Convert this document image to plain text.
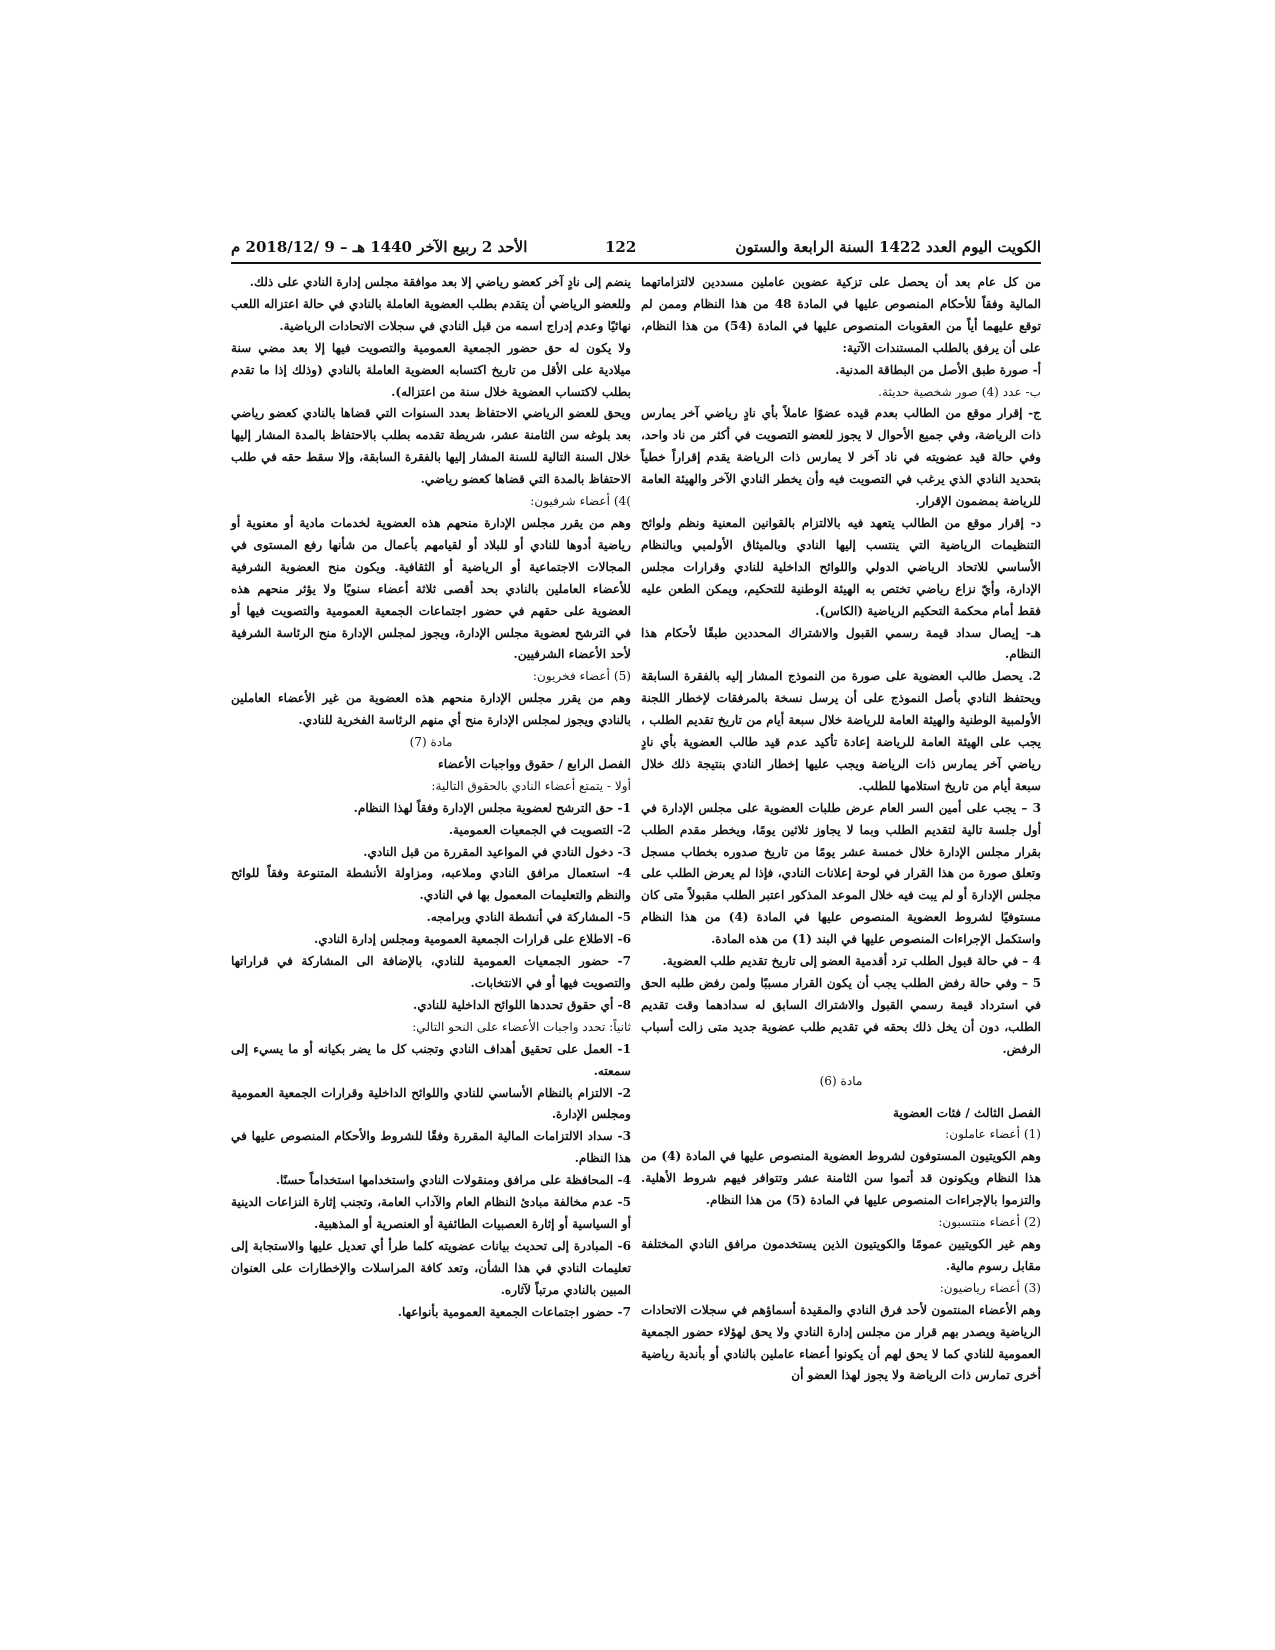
الكويت اليوم العدد 1422 السنة الرابعة والستون
122
الأحد 2 ربيع الآخر 1440 هـ – 9 /2018/12 م

من كل عام بعد أن يحصل على تزكية عضوين عاملين مسددين لالتزاماتهما المالية وفقاً للأحكام المنصوص عليها في المادة 48 من هذا النظام وممن لم توقع عليهما أياً من العقوبات المنصوص عليها في المادة (54) من هذا النظام، على أن يرفق بالطلب المستندات الآتية:

أ- صورة طبق الأصل من البطاقة المدنية.

ب- عدد (4) صور شخصية حديثة.

ج- إقرار موقع من الطالب بعدم قيده عضوًا عاملاً بأي نادٍ رياضي آخر يمارس ذات الرياضة، وفي جميع الأحوال لا يجوز للعضو التصويت في أكثر من ناد واحد، وفي حالة قيد عضويته في ناد آخر لا يمارس ذات الرياضة يقدم إقراراً خطياً بتحديد النادي الذي يرغب في التصويت فيه وأن يخطر النادي الآخر والهيئة العامة للرياضة بمضمون الإقرار.

د- إقرار موقع من الطالب يتعهد فيه بالالتزام بالقوانين المعنية ونظم ولوائح التنظيمات الرياضية التي ينتسب إليها النادي وبالميثاق الأولمبي وبالنظام الأساسي للاتحاد الرياضي الدولي واللوائح الداخلية للنادي وقرارات مجلس الإدارة، وأيّ نزاع رياضي تختص به الهيئة الوطنية للتحكيم، ويمكن الطعن عليه فقط أمام محكمة التحكيم الرياضية (الكاس).

هـ- إيصال سداد قيمة رسمي القبول والاشتراك المحددين طبقًا لأحكام هذا النظام.

2. يحصل طالب العضوية على صورة من النموذج المشار إليه بالفقرة السابقة ويحتفظ النادي بأصل النموذج على أن يرسل نسخة بالمرفقات لإخطار اللجنة الأولمبية الوطنية والهيئة العامة للرياضة خلال سبعة أيام من تاريخ تقديم الطلب ، يجب على الهيئة العامة للرياضة إعادة تأكيد عدم قيد طالب العضوية بأي نادٍ رياضي آخر يمارس ذات الرياضة ويجب عليها إخطار النادي بنتيجة ذلك خلال سبعة أيام من تاريخ استلامها للطلب.

3 – يجب على أمين السر العام عرض طلبات العضوية على مجلس الإدارة في أول جلسة تالية لتقديم الطلب وبما لا يجاوز ثلاثين يومًا، ويخطر مقدم الطلب بقرار مجلس الإدارة خلال خمسة عشر يومًا من تاريخ صدوره بخطاب مسجل وتعلق صورة من هذا القرار في لوحة إعلانات النادي، فإذا لم يعرض الطلب على مجلس الإدارة أو لم يبت فيه خلال الموعد المذكور اعتبر الطلب مقبولاً متى كان مستوفيًا لشروط العضوية المنصوص عليها في المادة (4) من هذا النظام واستكمل الإجراءات المنصوص عليها في البند (1) من هذه المادة.

4 – في حالة قبول الطلب ترد أقدمية العضو إلى تاريخ تقديم طلب العضوية.

5 – وفي حالة رفض الطلب يجب أن يكون القرار مسببًا ولمن رفض طلبه الحق في استرداد قيمة رسمي القبول والاشتراك السابق له سدادهما وقت تقديم الطلب، دون أن يخل ذلك بحقه في تقديم طلب عضوية جديد متى زالت أسباب الرفض.

مادة (6)

الفصل الثالث / فئات العضوية

(1) أعضاء عاملون:

وهم الكويتيون المستوفون لشروط العضوية المنصوص عليها في المادة (4) من هذا النظام ويكونون قد أتموا سن الثامنة عشر وتتوافر فيهم شروط الأهلية. والتزموا بالإجراءات المنصوص عليها في المادة (5) من هذا النظام.

(2) أعضاء منتسبون:

وهم غير الكويتيين عمومًا والكويتيون الذين يستخدمون مرافق النادي المختلفة مقابل رسوم مالية.

(3) أعضاء رياضيون:

وهم الأعضاء المنتمون لأحد فرق النادي والمقيدة أسماؤهم في سجلات الاتحادات الرياضية ويصدر بهم قرار من مجلس إدارة النادي ولا يحق لهؤلاء حضور الجمعية العمومية للنادي كما لا يحق لهم أن يكونوا أعضاء عاملين بالنادي أو بأندية رياضية أخرى تمارس ذات الرياضة ولا يجوز لهذا العضو أن

ينضم إلى نادٍ آخر كعضو رياضي إلا بعد موافقة مجلس إدارة النادي على ذلك.

وللعضو الرياضي أن يتقدم بطلب العضوية العاملة بالنادي في حالة اعتزاله اللعب نهائيًا وعدم إدراج اسمه من قبل النادي في سجلات الاتحادات الرياضية.

ولا يكون له حق حضور الجمعية العمومية والتصويت فيها إلا بعد مضي سنة ميلادية على الأقل من تاريخ اكتسابه العضوية العاملة بالنادي (وذلك إذا ما تقدم بطلب لاكتساب العضوية خلال سنة من اعتزاله).

ويحق للعضو الرياضي الاحتفاظ بعدد السنوات التي قضاها بالنادي كعضو رياضي بعد بلوغه سن الثامنة عشر، شريطة تقدمه بطلب بالاحتفاظ بالمدة المشار إليها خلال السنة التالية للسنة المشار إليها بالفقرة السابقة، وإلا سقط حقه في طلب الاحتفاظ بالمدة التي قضاها كعضو رياضي.

)4) أعضاء شرفيون:

وهم من يقرر مجلس الإدارة منحهم هذه العضوية لخدمات مادية أو معنوية أو رياضية أدوها للنادي أو للبلاد أو لقيامهم بأعمال من شأنها رفع المستوى في المجالات الاجتماعية أو الرياضية أو الثقافية. ويكون منح العضوية الشرفية للأعضاء العاملين بالنادي بحد أقصى ثلاثة أعضاء سنويًا ولا يؤثر منحهم هذه العضوية على حقهم في حضور اجتماعات الجمعية العمومية والتصويت فيها أو في الترشح لعضوية مجلس الإدارة، ويجوز لمجلس الإدارة منح الرئاسة الشرفية لأحد الأعضاء الشرفيين.

(5) أعضاء فخريون:

وهم من يقرر مجلس الإدارة منحهم هذه العضوية من غير الأعضاء العاملين بالنادي ويجوز لمجلس الإدارة منح أي منهم الرئاسة الفخرية للنادي.

مادة (7)

الفصل الرابع / حقوق وواجبات الأعضاء

أولا - يتمتع أعضاء النادي بالحقوق التالية:

1- حق الترشح لعضوية مجلس الإدارة وفقاً لهذا النظام.

2- التصويت في الجمعيات العمومية.

3- دخول النادي في المواعيد المقررة من قبل النادي.

4- استعمال مرافق النادي وملاعبه، ومزاولة الأنشطة المتنوعة وفقاً للوائح والنظم والتعليمات المعمول بها في النادي.

5- المشاركة في أنشطة النادي وبرامجه.

6- الاطلاع على قرارات الجمعية العمومية ومجلس إدارة النادي.

7- حضور الجمعيات العمومية للنادي، بالإضافة الى المشاركة في قراراتها والتصويت فيها أو في الانتخابات.

8- أي حقوق تحددها اللوائح الداخلية للنادي.

ثانياً: تحدد واجبات الأعضاء على النحو التالي:

1- العمل على تحقيق أهداف النادي وتجنب كل ما يضر بكيانه أو ما يسيء إلى سمعته.

2- الالتزام بالنظام الأساسي للنادي واللوائح الداخلية وقرارات الجمعية العمومية ومجلس الإدارة.

3- سداد الالتزامات المالية المقررة وفقًا للشروط والأحكام المنصوص عليها في هذا النظام.

4- المحافظة على مرافق ومنقولات النادي واستخدامها استخداماً حسنًا.

5- عدم مخالفة مبادئ النظام العام والآداب العامة، وتجنب إثارة النزاعات الدينية أو السياسية أو إثارة العصبيات الطائفية أو العنصرية أو المذهبية.

6- المبادرة إلى تحديث بيانات عضويته كلما طرأ أي تعديل عليها والاستجابة إلى تعليمات النادي في هذا الشأن، وتعد كافة المراسلات والإخطارات على العنوان المبين بالنادي مرتباً لآثاره.

7- حضور اجتماعات الجمعية العمومية بأنواعها.
